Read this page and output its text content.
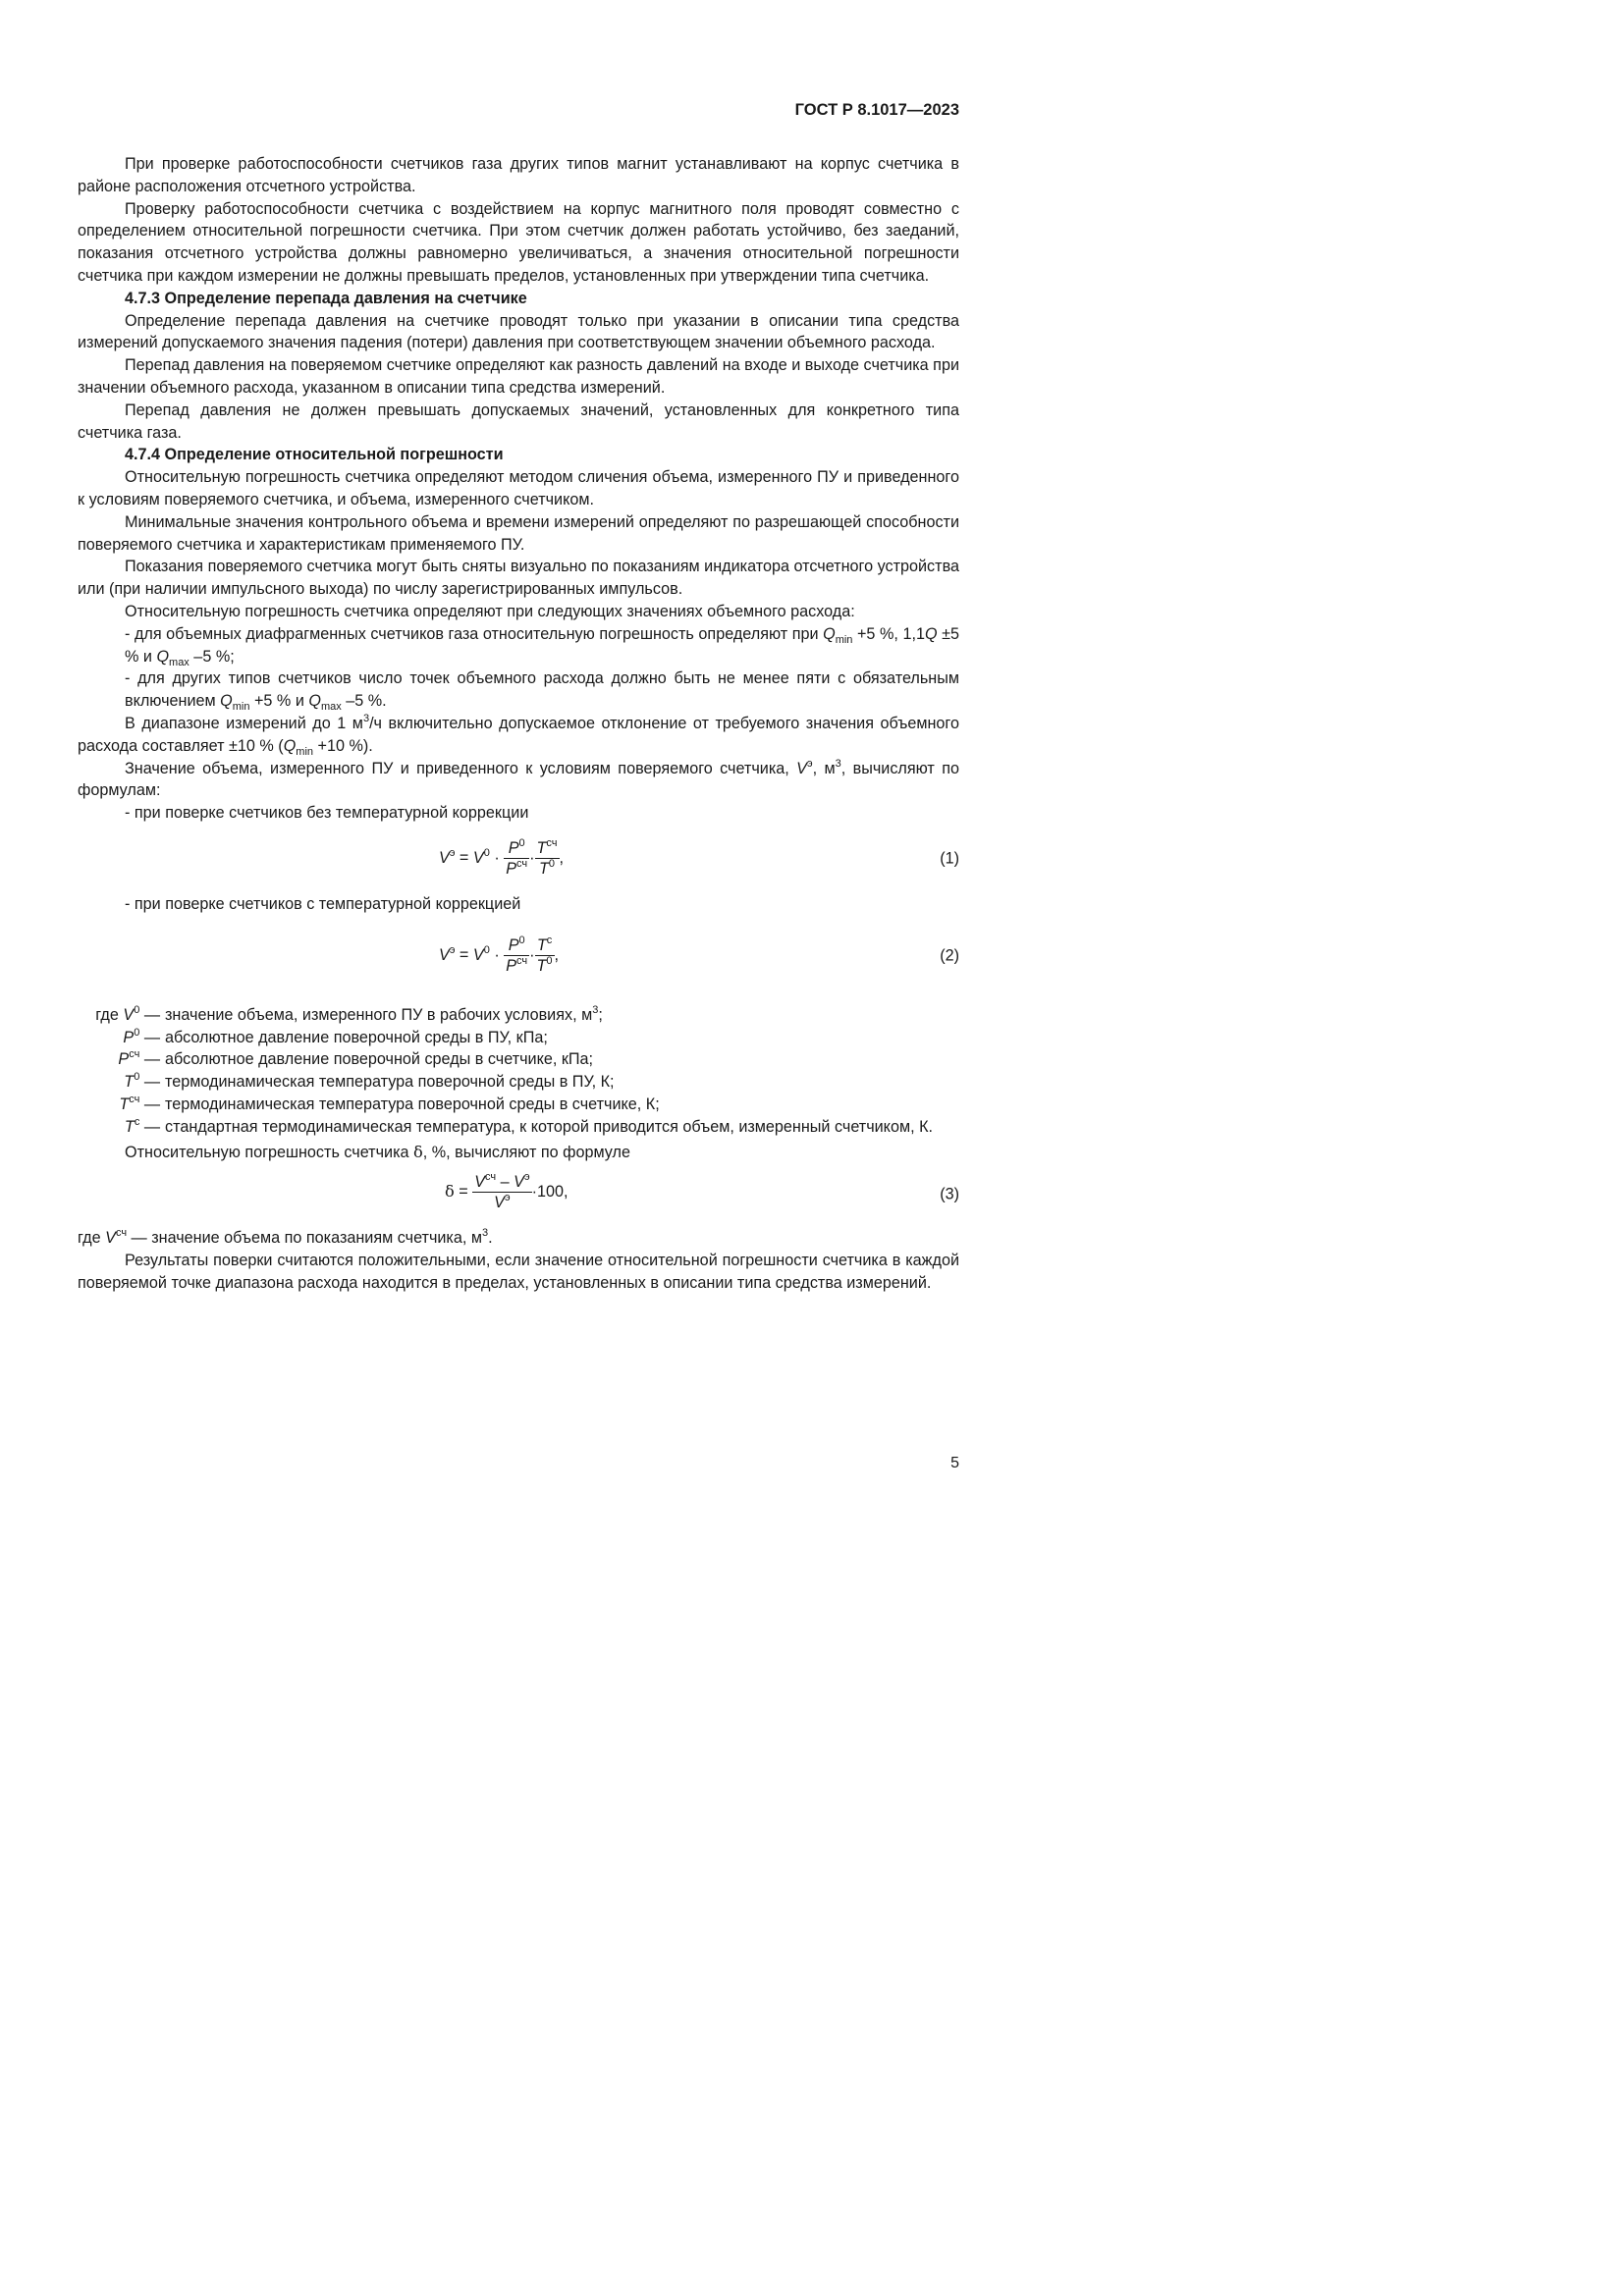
ГОСТ Р 8.1017—2023

При проверке работоспособности счетчиков газа других типов магнит устанавливают на корпус счетчика в районе расположения отсчетного устройства.

Проверку работоспособности счетчика с воздействием на корпус магнитного поля проводят совместно с определением относительной погрешности счетчика. При этом счетчик должен работать устойчиво, без заеданий, показания отсчетного устройства должны равномерно увеличиваться, а значения относительной погрешности счетчика при каждом измерении не должны превышать пределов, установленных при утверждении типа счетчика.

4.7.3 Определение перепада давления на счетчике

Определение перепада давления на счетчике проводят только при указании в описании типа средства измерений допускаемого значения падения (потери) давления при соответствующем значении объемного расхода.

Перепад давления на поверяемом счетчике определяют как разность давлений на входе и выходе счетчика при значении объемного расхода, указанном в описании типа средства измерений.

Перепад давления не должен превышать допускаемых значений, установленных для конкретного типа счетчика газа.

4.7.4 Определение относительной погрешности

Относительную погрешность счетчика определяют методом сличения объема, измеренного ПУ и приведенного к условиям поверяемого счетчика, и объема, измеренного счетчиком.

Минимальные значения контрольного объема и времени измерений определяют по разрешающей способности поверяемого счетчика и характеристикам применяемого ПУ.

Показания поверяемого счетчика могут быть сняты визуально по показаниям индикатора отсчетного устройства или (при наличии импульсного выхода) по числу зарегистрированных импульсов.

Относительную погрешность счетчика определяют при следующих значениях объемного расхода:

- для объемных диафрагменных счетчиков газа относительную погрешность определяют при $Q_{min} +5$ %, 1,1Q ±5 % и $Q_{max}$ –5 %;

- для других типов счетчиков число точек объемного расхода должно быть не менее пяти с обязательным включением $Q_{min} +5$ % и $Q_{max}$ –5 %.

В диапазоне измерений до 1 $м^3/ч$ включительно допускаемое отклонение от требуемого значения объемного расхода составляет ±10 % ($Q_{min} +10$ %).

Значение объема, измеренного ПУ и приведенного к условиям поверяемого счетчика, $V^э$, $м^3$, вычисляют по формулам:

- при поверке счетчиков без температурной коррекции

$V^э = V^0 \cdot \frac{P^0}{P^{сч}} \cdot \frac{T^{сч}}{T^0}$ ,	(1)

- при поверке счетчиков с температурной коррекцией

$V^э = V^0 \cdot \frac{P^0}{P^{сч}} \cdot \frac{T^с}{T^0}$ ,	(2)
где $V^0$ — значение объема, измеренного ПУ в рабочих условиях, $м^3$;
$P^0$ — абсолютное давление поверочной среды в ПУ, кПа;
$P^{сч}$ — абсолютное давление поверочной среды в счетчике, кПа;
$T^0$ — термодинамическая температура поверочной среды в ПУ, К;
$T^{сч}$ — термодинамическая температура поверочной среды в счетчике, К;
$T^с$ — стандартная термодинамическая температура, к которой приводится объем, измеренный счетчиком, К.

Относительную погрешность счетчика δ, %, вычисляют по формуле

$\delta = \frac{V^{сч} - V^э}{V^э} \cdot 100$,	(3)

где $V^{сч}$ — значение объема по показаниям счетчика, $м^3$.

Результаты поверки считаются положительными, если значение относительной погрешности счетчика в каждой поверяемой точке диапазона расхода находится в пределах, установленных в описании типа средства измерений.

5
